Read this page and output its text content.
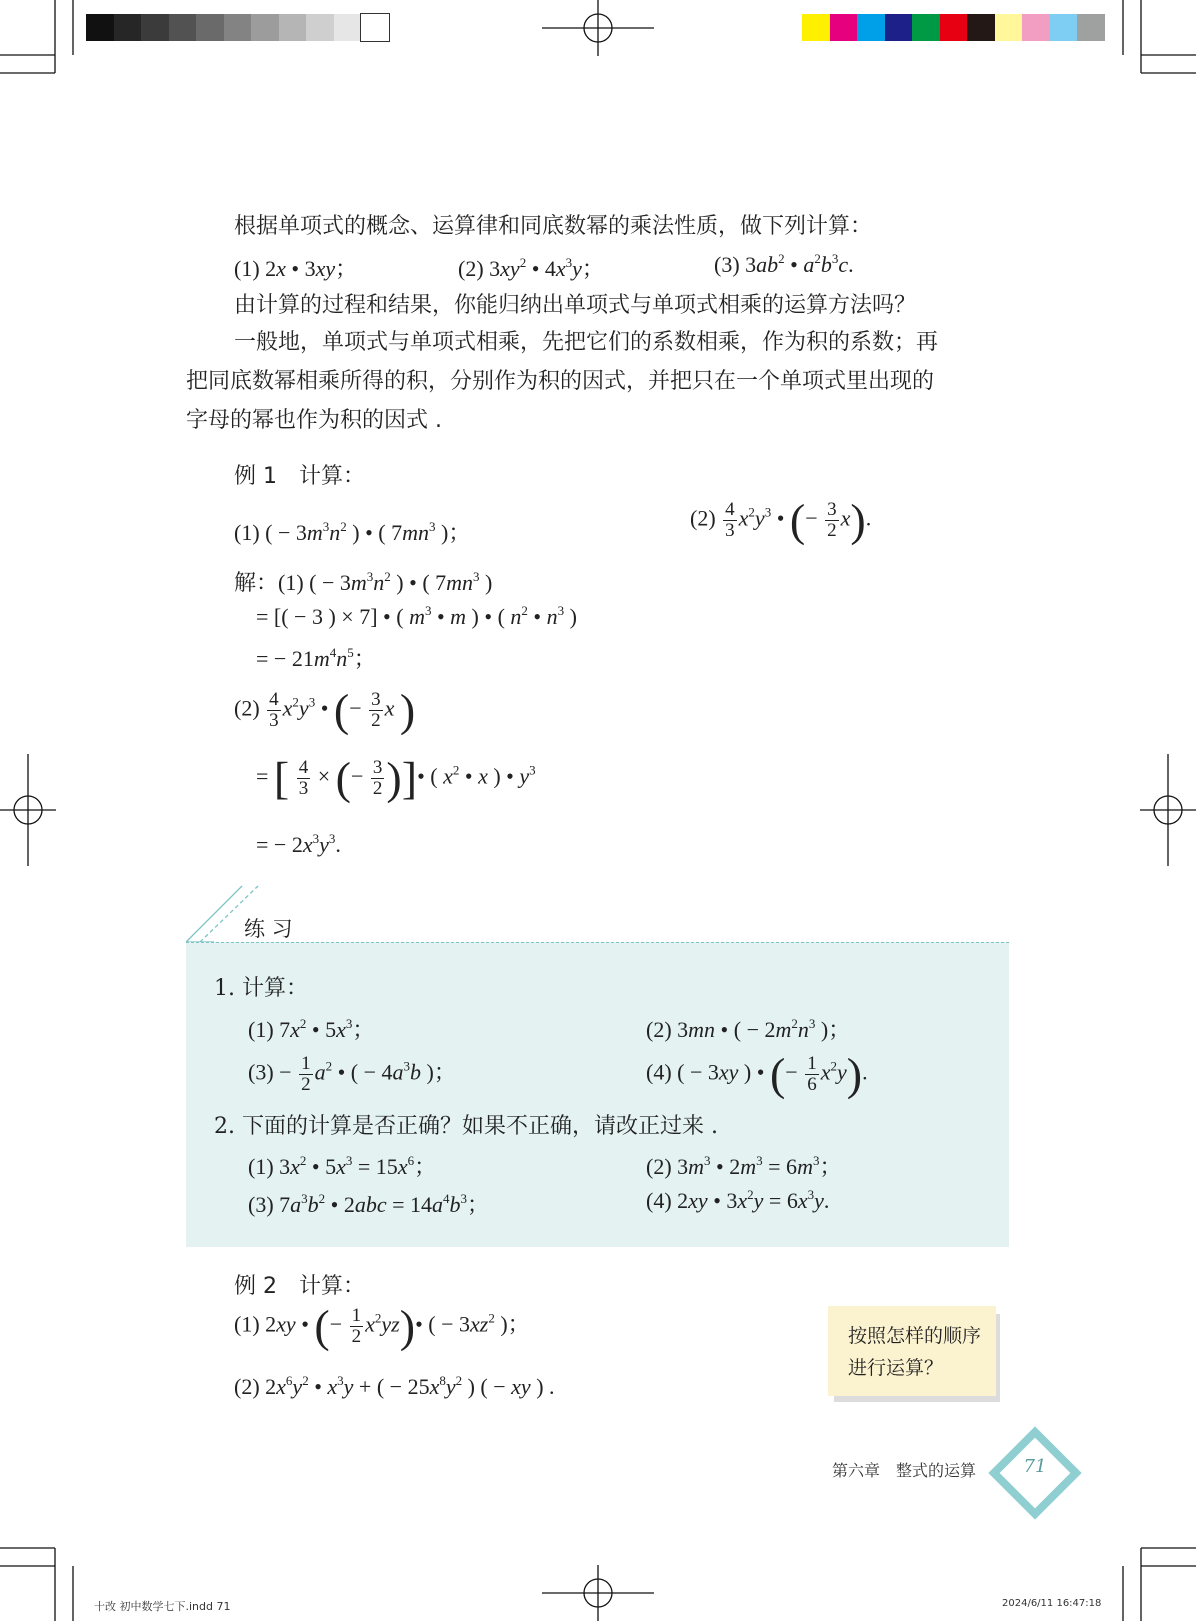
根据单项式的概念、运算律和同底数幂的乘法性质，做下列计算：
(1) 2x • 3xy；	(2) $3xy^2$ • $4x^3y$；	(3) $3ab^2$ • $a^2b^3c$.
由计算的过程和结果，你能归纳出单项式与单项式相乘的运算方法吗？
一般地，单项式与单项式相乘，先把它们的系数相乘，作为积的系数；再
把同底数幂相乘所得的积，分别作为积的因式，并把只在一个单项式里出现的
字母的幂也作为积的因式 .
例 1　 计算：
(1) ( − $3m^3n^2$ ) • ( $7mn^3$ )；
$(2) \frac{4}{3} x^2y^3$ • (− $\frac{3}{2} x$).
解：(1) ( − $3m^3n^2$ ) • ( $7mn^3$ )
= [( − 3 ) × 7] • ( $m^3$ • m ) • ( $n^2$ • $n^3$ )
= − $21m^4n^5$；
$(2) \frac{4}{3} x^2y^3$ • (− $\frac{3}{2}$ x )
= [ $\frac{4}{3}$ × (− $\frac{3}{2}$ )]• ( $x^2$ • x ) • $y^3$
= − $2x^3y^3$.
练 习
1. 计算：
(1) $7x^2$ • $5x^3$；	(2) 3mn • ( − $2m^2n^3$ )；
$(3) - \frac{1}{2} a^2$ • ( − $4a^3b$ )；	(4) ( − 3xy ) • (− $\frac{1}{6} x^2y$).
2. 下面的计算是否正确？如果不正确，请改正过来 .
(1) $3x^2$ • $5x^3 = 15x^6$；	(2) $3m^3$ • $2m^3 = 6m^3$；
(3) $7a^3b^2$ • $2abc = 14a^4b^3$；	(4) 2xy • $3x^2y = 6x^3y$.
例 2　 计算：
(1) 2xy • (− $\frac{1}{2}$ $x^2yz)•$ ( − $3xz^2$ )；
(2) $2x^6y^2$ • $x^3y$ + ( − $25x^8y^2$ ) ( − xy ) .
按照怎样的顺序
进行运算？
第六章　整式的运算	71
十改 初中数学七下.indd 71	2024/6/11 16:47:18
